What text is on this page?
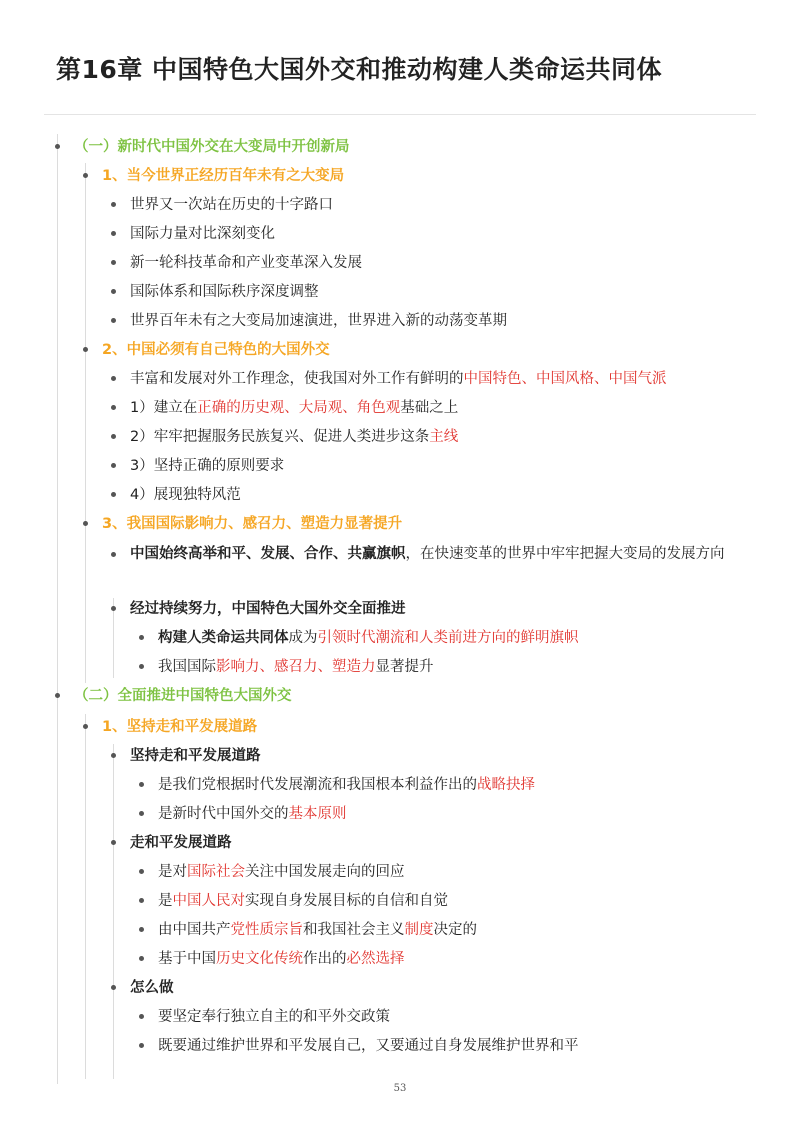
第16章 中国特色大国外交和推动构建人类命运共同体
（一）新时代中国外交在大变局中开创新局
1、当今世界正经历百年未有之大变局
世界又一次站在历史的十字路口
国际力量对比深刻变化
新一轮科技革命和产业变革深入发展
国际体系和国际秩序深度调整
世界百年未有之大变局加速演进，世界进入新的动荡变革期
2、中国必须有自己特色的大国外交
丰富和发展对外工作理念，使我国对外工作有鲜明的中国特色、中国风格、中国气派
1）建立在正确的历史观、大局观、角色观基础之上
2）牢牢把握服务民族复兴、促进人类进步这条主线
3）坚持正确的原则要求
4）展现独特风范
3、我国国际影响力、感召力、塑造力显著提升
中国始终高举和平、发展、合作、共赢旗帜，在快速变革的世界中牢牢把握大变局的发展方向
经过持续努力，中国特色大国外交全面推进
构建人类命运共同体成为引领时代潮流和人类前进方向的鲜明旗帜
我国国际影响力、感召力、塑造力显著提升
（二）全面推进中国特色大国外交
1、坚持走和平发展道路
坚持走和平发展道路
是我们党根据时代发展潮流和我国根本利益作出的战略抉择
是新时代中国外交的基本原则
走和平发展道路
是对国际社会关注中国发展走向的回应
是中国人民对实现自身发展目标的自信和自觉
由中国共产党性质宗旨和我国社会主义制度决定的
基于中国历史文化传统作出的必然选择
怎么做
要坚定奉行独立自主的和平外交政策
既要通过维护世界和平发展自己，又要通过自身发展维护世界和平
53
